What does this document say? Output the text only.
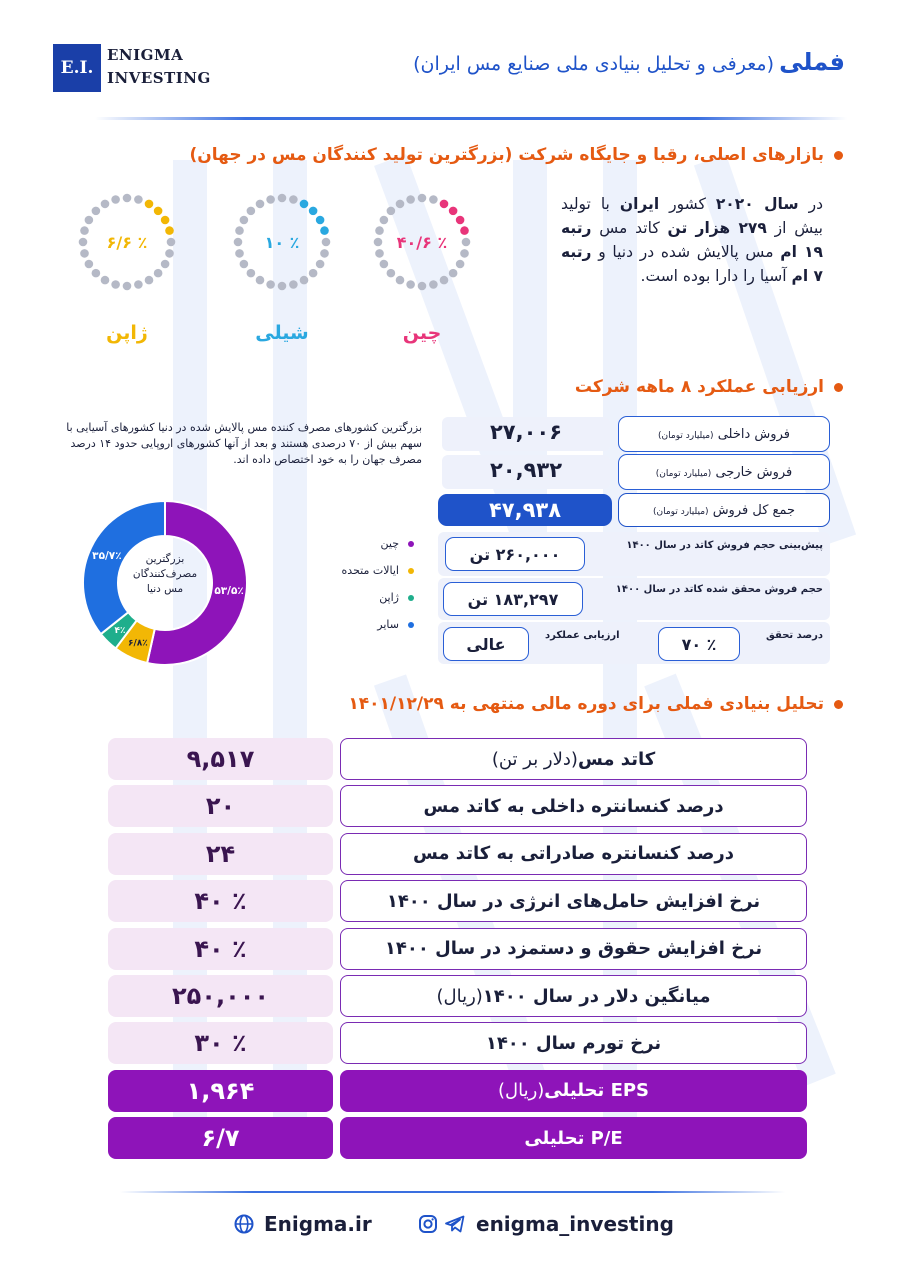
E.I.
ENIGMA
INVESTING
فملی (معرفی و تحلیل بنیادی ملی صنایع مس ایران)
بازارهای اصلی، رقبا و جایگاه شرکت (بزرگترین تولید کنندگان مس در جهان)
۴۰/۶ ٪
چین
۱۰ ٪
شیلی
۶/۶ ٪
ژاپن
در سال ۲۰۲۰ کشور ایران با تولید بیش از ۲۷۹ هزار تن کاتد مس رتبه ۱۹ ام مس پالایش شده در دنیا و رتبه ۷ ام آسیا را دارا بوده است.
ارزیابی عملکرد ۸ ماهه شرکت
بزرگترین کشورهای مصرف کننده مس پالایش شده در دنیا کشورهای آسیایی با سهم بیش از ۷۰ درصدی هستند و بعد از آنها کشورهای اروپایی حدود ۱۴ درصد مصرف جهان را به خود اختصاص داده اند.
۵۳/۵٪
۶/۸٪
۴٪
۳۵/۷٪	بزرگترین مصرف‌کنندگان مس دنیا
چین
ایالات متحده
ژاپن
سایر
۲۷,۰۰۶	فروش داخلی (میلیارد تومان)
۲۰,۹۳۲	فروش خارجی (میلیارد تومان)
۴۷,۹۳۸	جمع کل فروش (میلیارد تومان)
۲۶۰,۰۰۰ تن	پیش‌بینی حجم فروش کاتد در سال ۱۴۰۰
۱۸۳,۲۹۷ تن	حجم فروش محقق شده کاتد در سال ۱۴۰۰
عالی	ارزیابی عملکرد	۷۰ ٪	درصد تحقق
تحلیل بنیادی فملی برای دوره مالی منتهی به ۱۴۰۱/۱۲/۲۹
۹,۵۱۷	کاتد مس
(دلار بر تن)
۲۰	درصد کنسانتره داخلی به کاتد مس
۲۴	درصد کنسانتره صادراتی به کاتد مس
۴۰ ٪	نرخ افزایش حامل‌های انرژی در سال ۱۴۰۰
۴۰ ٪	نرخ افزایش حقوق و دستمزد در سال ۱۴۰۰
۲۵۰,۰۰۰	میانگین دلار در سال ۱۴۰۰
(ریال)
۳۰ ٪	نرخ تورم سال ۱۴۰۰
۱,۹۶۴	EPS تحلیلی
(ریال)
۶/۷	P/E تحلیلی
Enigma.ir	enigma_investing
